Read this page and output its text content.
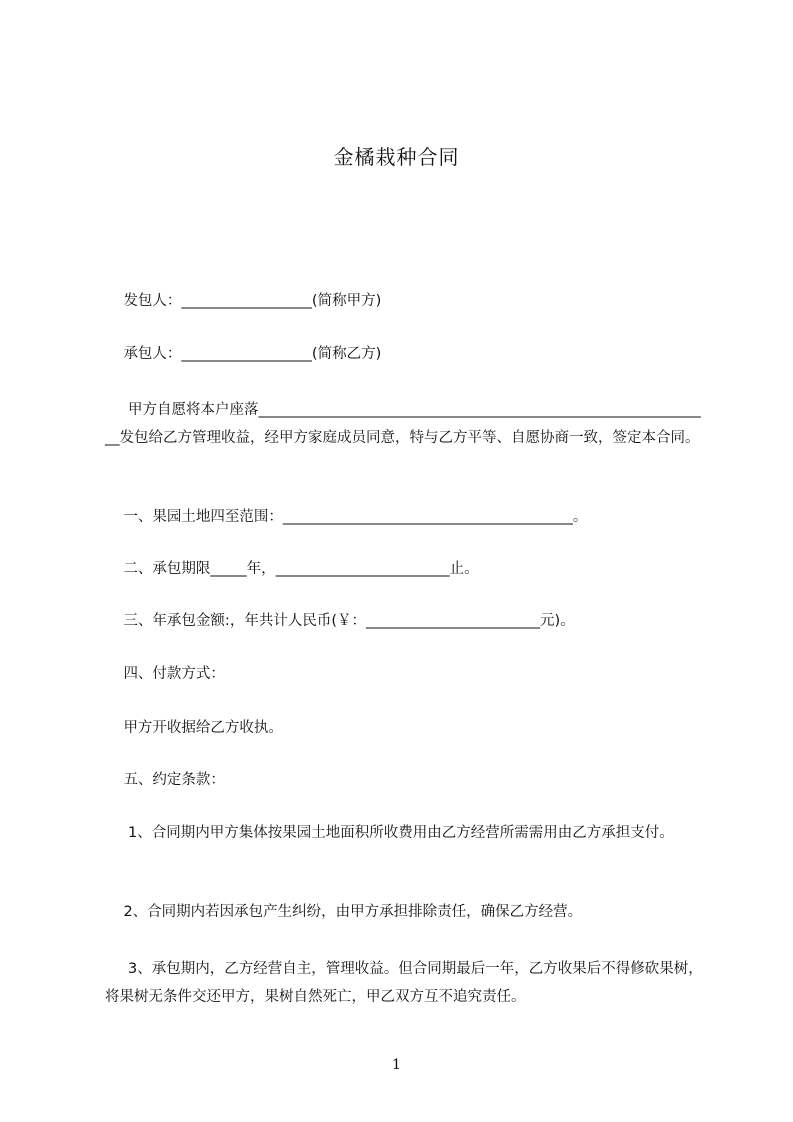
金橘栽种合同
发包人：__________________(简称甲方)
承包人：__________________(简称乙方)
甲方自愿将本户座落_______________________________________________________________发包给乙方管理收益，经甲方家庭成员同意，特与乙方平等、自愿协商一致，签定本合同。
一、果园土地四至范围：________________________________________。
二、承包期限_____年，________________________止。
三、年承包金额:，年共计人民币(￥：________________________元)。
四、付款方式：
甲方开收据给乙方收执。
五、约定条款：
1、合同期内甲方集体按果园土地面积所收费用由乙方经营所需需用由乙方承担支付。
2、合同期内若因承包产生纠纷，由甲方承担排除责任，确保乙方经营。
3、承包期内，乙方经营自主，管理收益。但合同期最后一年，乙方收果后不得修砍果树，将果树无条件交还甲方，果树自然死亡，甲乙双方互不追究责任。
1
